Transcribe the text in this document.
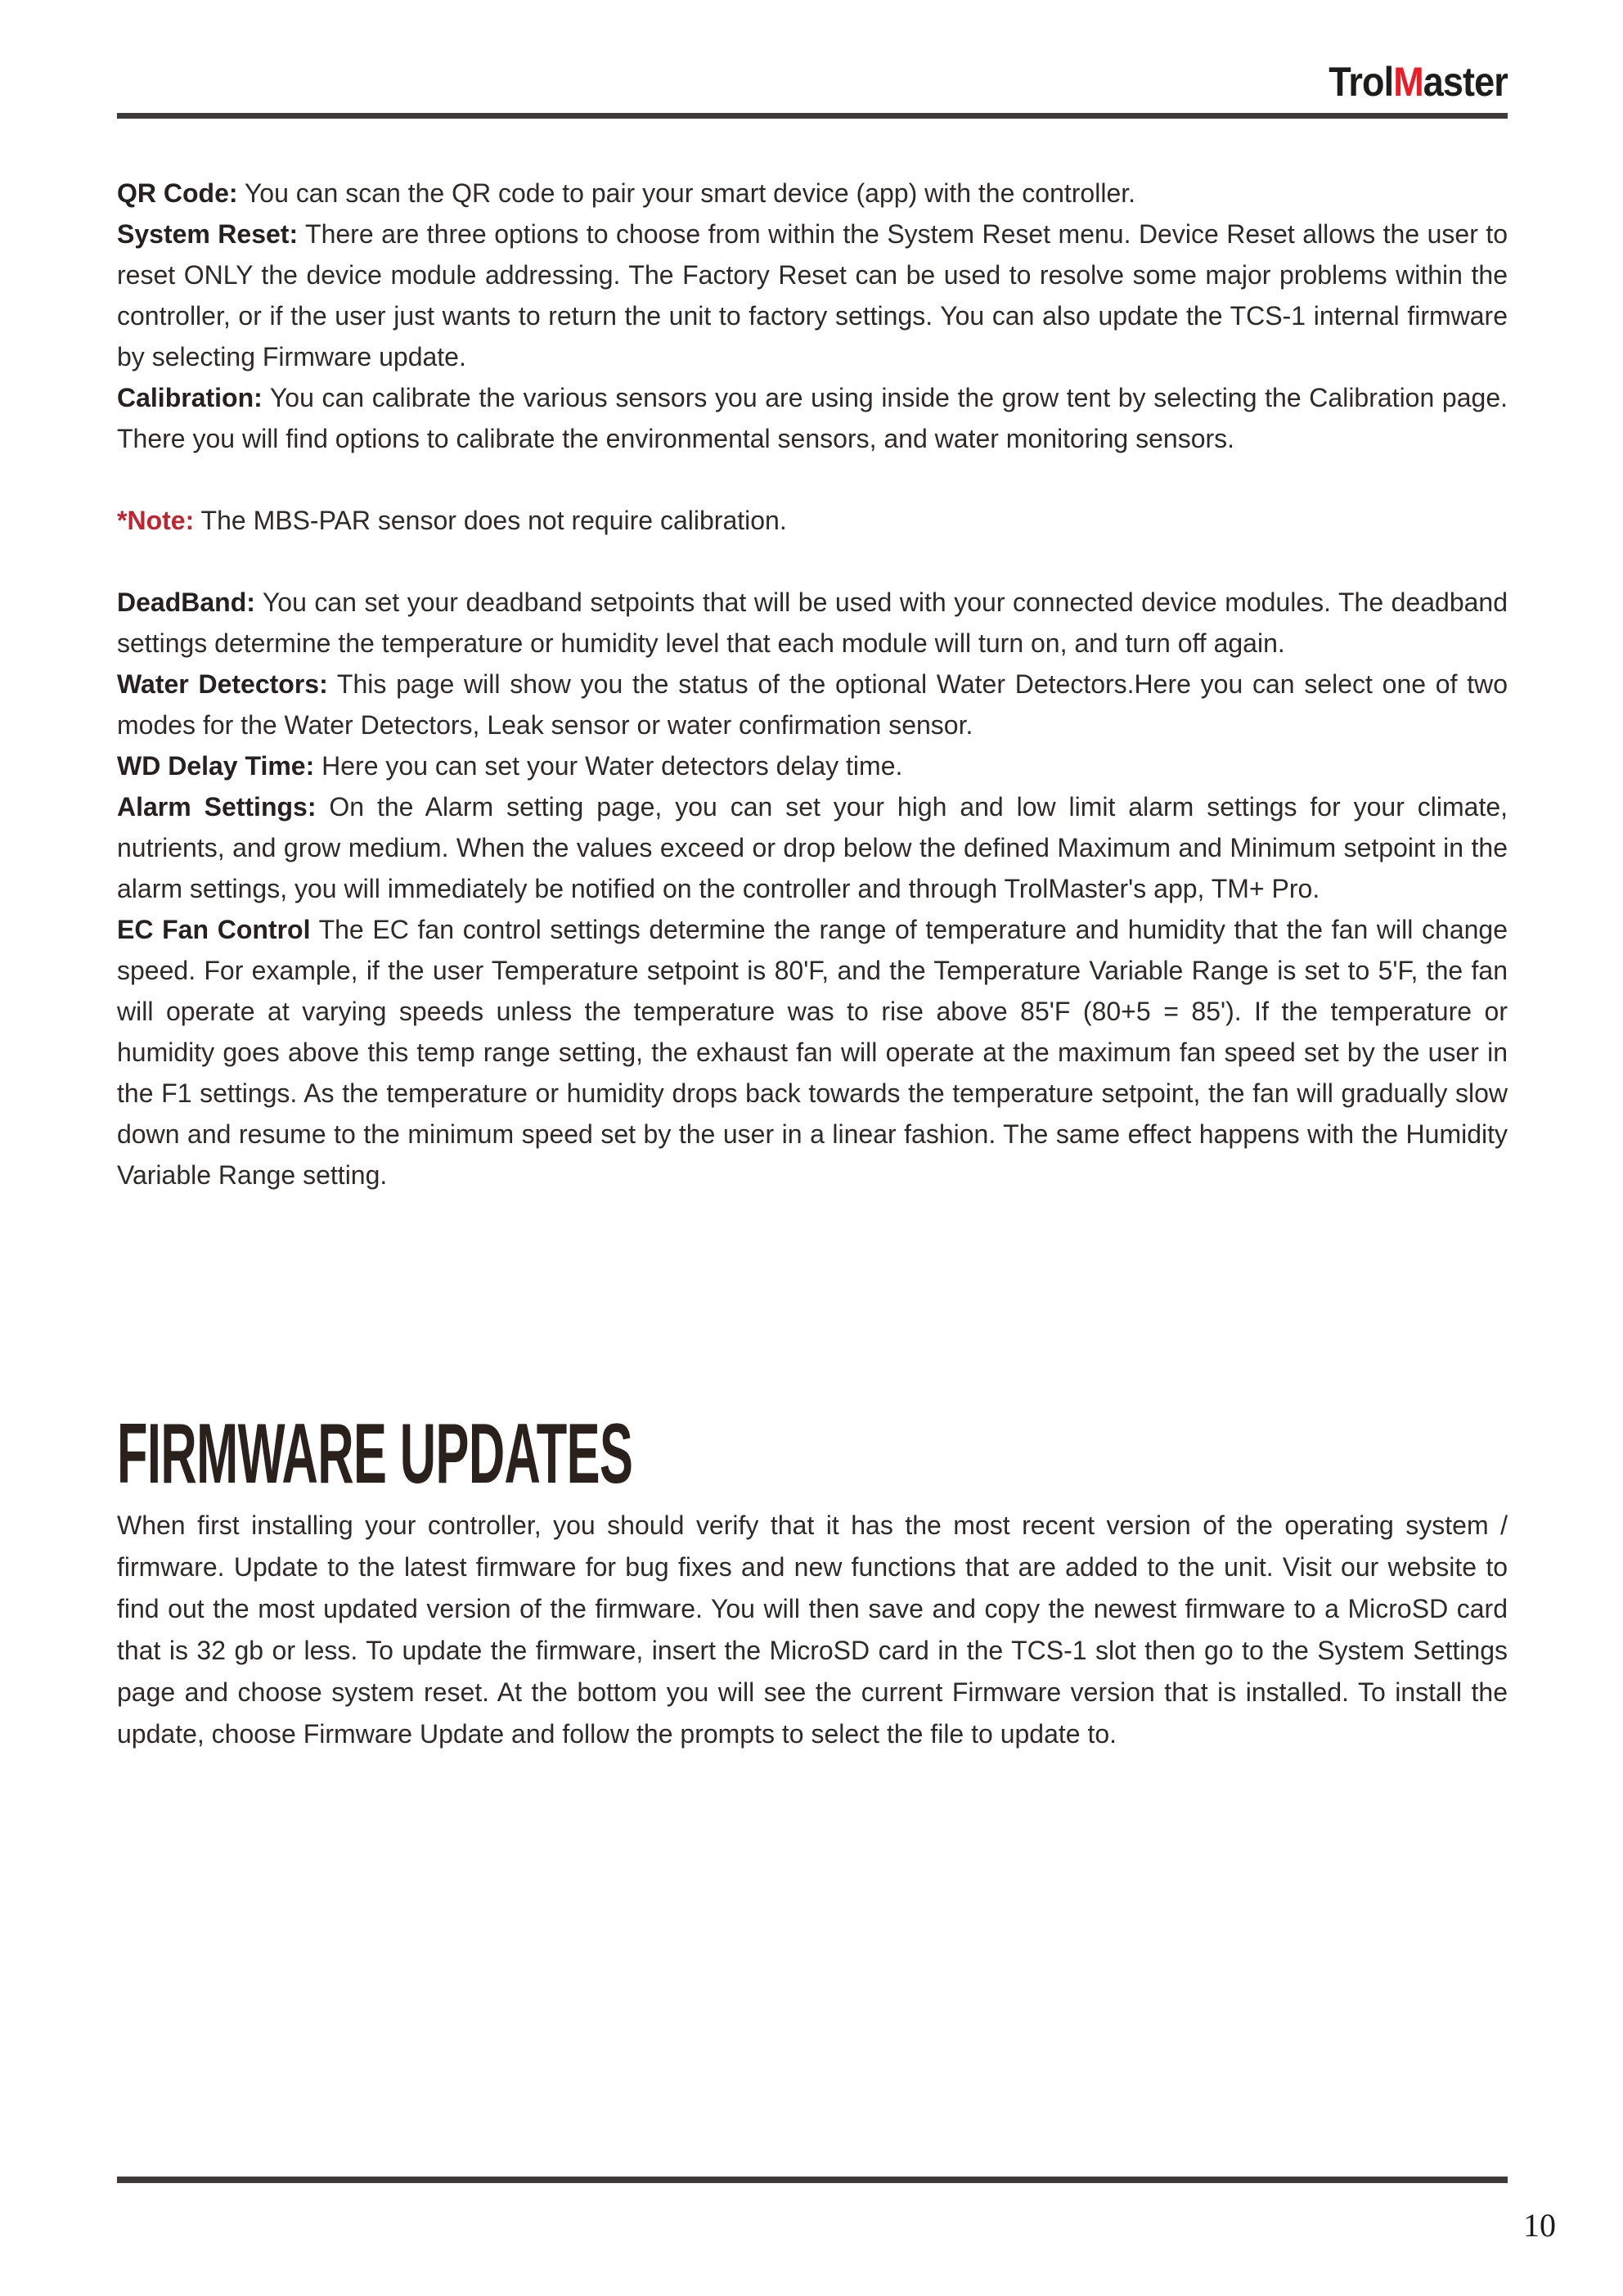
TrolMaster

QR Code: You can scan the QR code to pair your smart device (app) with the controller.

System Reset: There are three options to choose from within the System Reset menu. Device Reset allows the user to reset ONLY the device module addressing. The Factory Reset can be used to resolve some major problems within the controller, or if the user just wants to return the unit to factory settings. You can also update the TCS-1 internal firmware by selecting Firmware update.

Calibration: You can calibrate the various sensors you are using inside the grow tent by selecting the Calibration page. There you will find options to calibrate the environmental sensors, and water monitoring sensors.

*Note: The MBS-PAR sensor does not require calibration.

DeadBand: You can set your deadband setpoints that will be used with your connected device modules. The deadband settings determine the temperature or humidity level that each module will turn on, and turn off again.

Water Detectors: This page will show you the status of the optional Water Detectors.Here you can select one of two modes for the Water Detectors, Leak sensor or water confirmation sensor.

WD Delay Time: Here you can set your Water detectors delay time.

Alarm Settings: On the Alarm setting page, you can set your high and low limit alarm settings for your climate, nutrients, and grow medium. When the values exceed or drop below the defined Maximum and Minimum setpoint in the alarm settings, you will immediately be notified on the controller and through TrolMaster's app, TM+ Pro.

EC Fan Control The EC fan control settings determine the range of temperature and humidity that the fan will change speed. For example, if the user Temperature setpoint is 80'F, and the Temperature Variable Range is set to 5'F, the fan will operate at varying speeds unless the temperature was to rise above 85'F (80+5 = 85'). If the temperature or humidity goes above this temp range setting, the exhaust fan will operate at the maximum fan speed set by the user in the F1 settings. As the temperature or humidity drops back towards the temperature setpoint, the fan will gradually slow down and resume to the minimum speed set by the user in a linear fashion. The same effect happens with the Humidity Variable Range setting.

FIRMWARE UPDATES

When first installing your controller, you should verify that it has the most recent version of the operating system / firmware. Update to the latest firmware for bug fixes and new functions that are added to the unit. Visit our website to find out the most updated version of the firmware. You will then save and copy the newest firmware to a MicroSD card that is 32 gb or less. To update the firmware, insert the MicroSD card in the TCS-1 slot then go to the System Settings page and choose system reset. At the bottom you will see the current Firmware version that is installed. To install the update, choose Firmware Update and follow the prompts to select the file to update to.

10
